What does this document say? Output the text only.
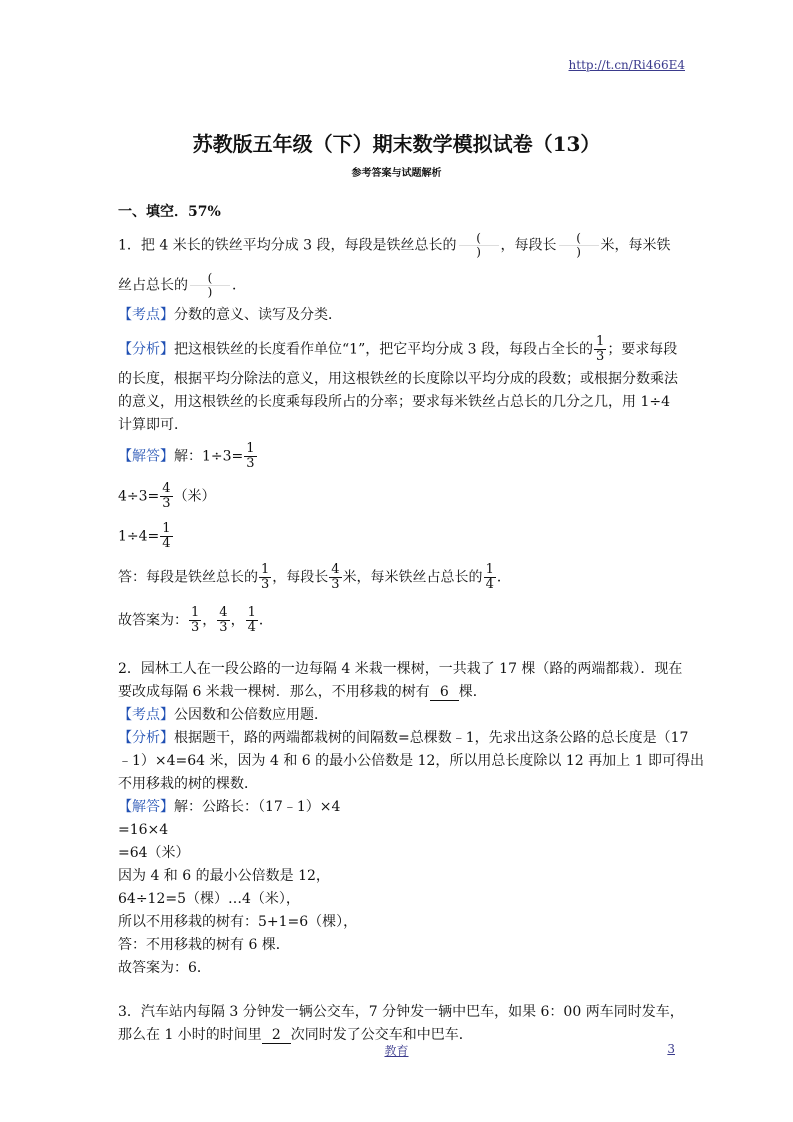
http://t.cn/Ri466E4
苏教版五年级（下）期末数学模拟试卷（13）
参考答案与试题解析
一、填空．57%
1．把 4 米长的铁丝平均分成 3 段，每段是铁丝总长的	(
)	，每段长	(
)	米，每米铁
丝占总长的	(
)	．
【考点】分数的意义、读写及分类．
【分析】把这根铁丝的长度看作单位“1”，把它平均分成 3 段，每段占全长的 $\frac{1}{3}$ ；要求每段
的长度，根据平均分除法的意义，用这根铁丝的长度除以平均分成的段数；或根据分数乘法
的意义，用这根铁丝的长度乘每段所占的分率；要求每米铁丝占总长的几分之几，用 1÷4
计算即可．
【解答】解：$1\div 3= \frac{1}{3}$
$4\div 3= \frac{4}{3}$ （米）
$1\div 4= \frac{1}{4}$
答：每段是铁丝总长的 $\frac{1}{3}$ ，每段长 $\frac{4}{3}$ 米，每米铁丝占总长的 $\frac{1}{4}$ ．
故答案为： $\frac{1}{3}$ ， $\frac{4}{3}$ ， $\frac{1}{4}$ ．
2．园林工人在一段公路的一边每隔 4 米栽一棵树，一共栽了 17 棵（路的两端都栽）．现在
要改成每隔 6 米栽一棵树．那么，不用移栽的树有 6 棵．
【考点】公因数和公倍数应用题．
【分析】根据题干，路的两端都栽树的间隔数=总棵数﹣1，先求出这条公路的总长度是（17
﹣1）×4=64 米，因为 4 和 6 的最小公倍数是 12，所以用总长度除以 12 再加上 1 即可得出
不用移栽的树的棵数．
【解答】解：公路长：（17﹣1）×4
=16×4
=64（米）
因为 4 和 6 的最小公倍数是 12，
64÷12=5（棵）…4（米），
所以不用移栽的树有：5+1=6（棵），
答：不用移栽的树有 6 棵．
故答案为：6．
3．汽车站内每隔 3 分钟发一辆公交车，7 分钟发一辆中巴车，如果 6：00 两车同时发车，
那么在 1 小时的时间里 2 次同时发了公交车和中巴车．
教育	3
